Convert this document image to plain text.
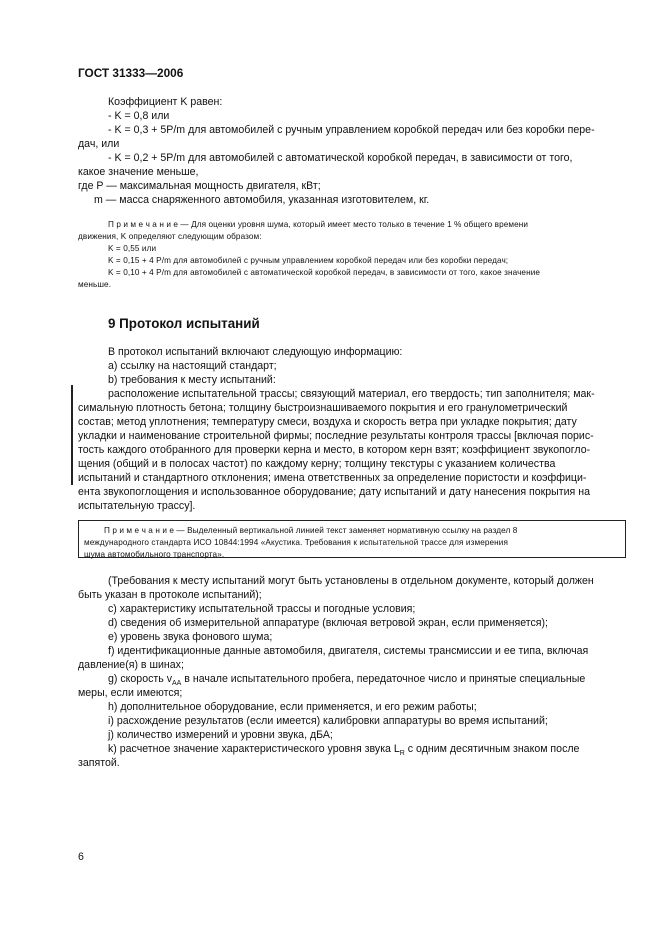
ГОСТ 31333—2006
Коэффициент K равен:
- K = 0,8 или
- K = 0,3 + 5P/m для автомобилей с ручным управлением коробкой передач или без коробки пере-
дач, или
- K = 0,2 + 5P/m для автомобилей с автоматической коробкой передач, в зависимости от того,
какое значение меньше,
где P — максимальная мощность двигателя, кВт;
m — масса снаряженного автомобиля, указанная изготовителем, кг.
П р и м е ч а н и е — Для оценки уровня шума, который имеет место только в течение 1 % общего времени
движения, K определяют следующим образом:
K = 0,55 или
K = 0,15 + 4 P/m для автомобилей с ручным управлением коробкой передач или без коробки передач;
K = 0,10 + 4 P/m для автомобилей с автоматической коробкой передач, в зависимости от того, какое значение
меньше.
9 Протокол испытаний
В протокол испытаний включают следующую информацию:
a) ссылку на настоящий стандарт;
b) требования к месту испытаний:
расположение испытательной трассы; связующий материал, его твердость; тип заполнителя; мак-
симальную плотность бетона; толщину быстроизнашиваемого покрытия и его гранулометрический
состав; метод уплотнения; температуру смеси, воздуха и скорость ветра при укладке покрытия; дату
укладки и наименование строительной фирмы; последние результаты контроля трассы [включая порис-
тость каждого отобранного для проверки керна и место, в котором керн взят; коэффициент звукопогло-
щения (общий и в полосах частот) по каждому керну; толщину текстуры с указанием количества
испытаний и стандартного отклонения; имена ответственных за определение пористости и коэффици-
ента звукопоглощения и использованное оборудование; дату испытаний и дату нанесения покрытия на
испытательную трассу].
П р и м е ч а н и е — Выделенный вертикальной линией текст заменяет нормативную ссылку на раздел 8
международного стандарта ИСО 10844:1994 «Акустика. Требования к испытательной трассе для измерения
шума автомобильного транспорта».
(Требования к месту испытаний могут быть установлены в отдельном документе, который должен
быть указан в протоколе испытаний);
c) характеристику испытательной трассы и погодные условия;
d) сведения об измерительной аппаратуре (включая ветровой экран, если применяется);
e) уровень звука фонового шума;
f) идентификационные данные автомобиля, двигателя, системы трансмиссии и ее типа, включая
давление(я) в шинах;
g) скорость $v_{AA}$ в начале испытательного пробега, передаточное число и принятые специальные
меры, если имеются;
h) дополнительное оборудование, если применяется, и его режим работы;
i) расхождение результатов (если имеется) калибровки аппаратуры во время испытаний;
j) количество измерений и уровни звука, дБА;
k) расчетное значение характеристического уровня звука $L_R$ с одним десятичным знаком после
запятой.
6
